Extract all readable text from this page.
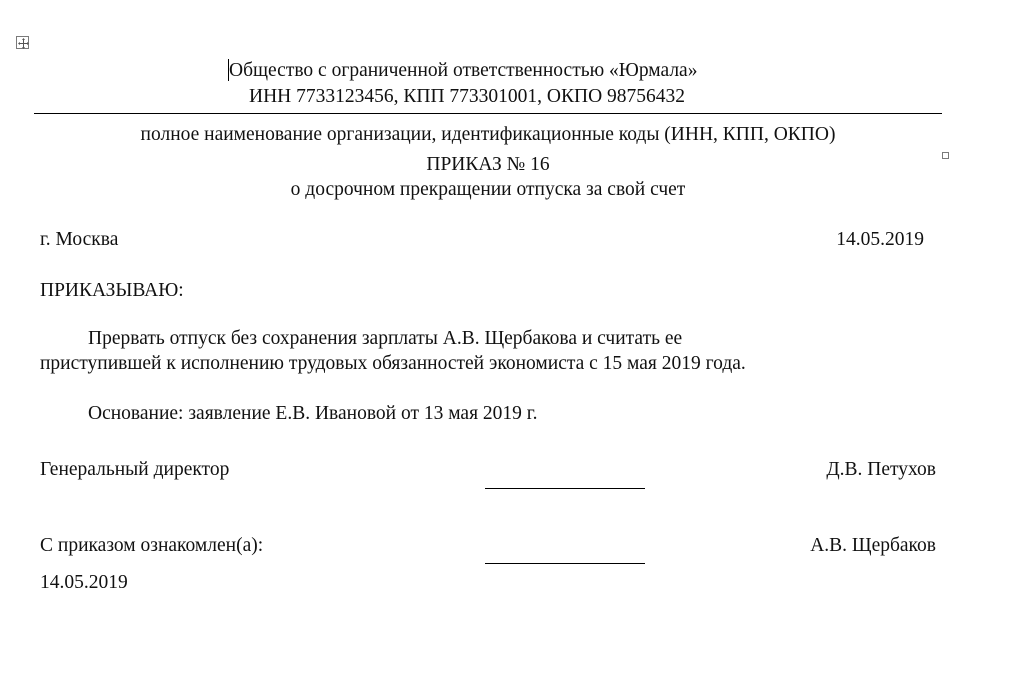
Общество с ограниченной ответственностью «Юрмала»
ИНН 7733123456, КПП 773301001, ОКПО 98756432
полное наименование организации, идентификационные коды (ИНН, КПП, ОКПО)
ПРИКАЗ № 16
о досрочном прекращении отпуска за свой счет
г. Москва	14.05.2019
ПРИКАЗЫВАЮ:
Прервать отпуск без сохранения зарплаты А.В. Щербакова и считать ее
приступившей к исполнению трудовых обязанностей экономиста с 15 мая 2019 года.
Основание: заявление Е.В. Ивановой от 13 мая 2019 г.
Генеральный директор	Д.В. Петухов
С приказом ознакомлен(а):	А.В. Щербаков
14.05.2019
